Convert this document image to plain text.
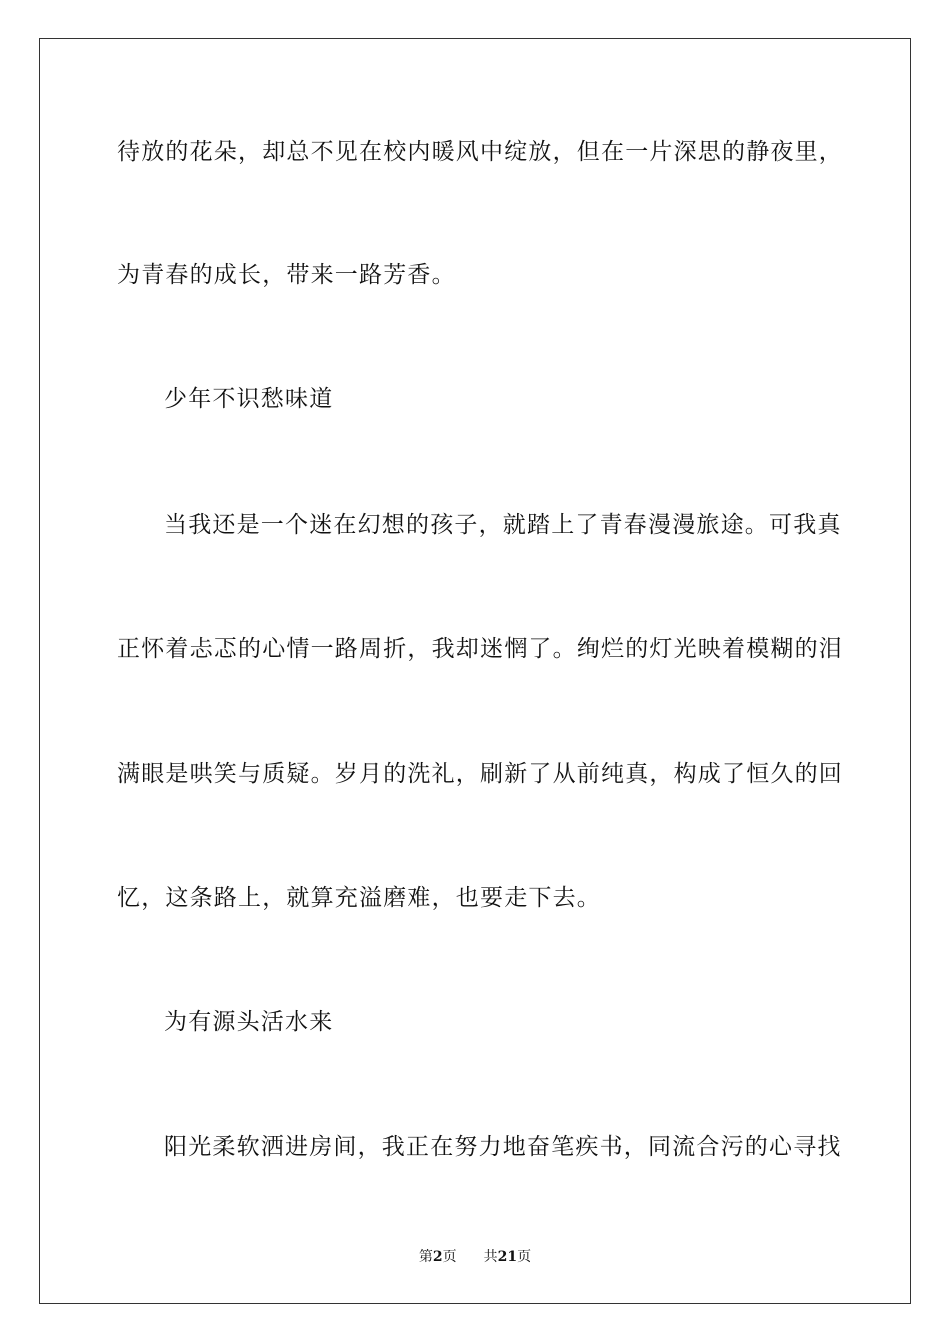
待放的花朵，却总不见在校内暖风中绽放，但在一片深思的静夜里，
为青春的成长，带来一路芳香。
少年不识愁味道
当我还是一个迷在幻想的孩子，就踏上了青春漫漫旅途。可我真
正怀着忐忑的心情一路周折，我却迷惘了。绚烂的灯光映着模糊的泪
满眼是哄笑与质疑。岁月的洗礼，刷新了从前纯真，构成了恒久的回
忆，这条路上，就算充溢磨难，也要走下去。
为有源头活水来
阳光柔软洒进房间，我正在努力地奋笔疾书，同流合污的心寻找
第2页 共21页
